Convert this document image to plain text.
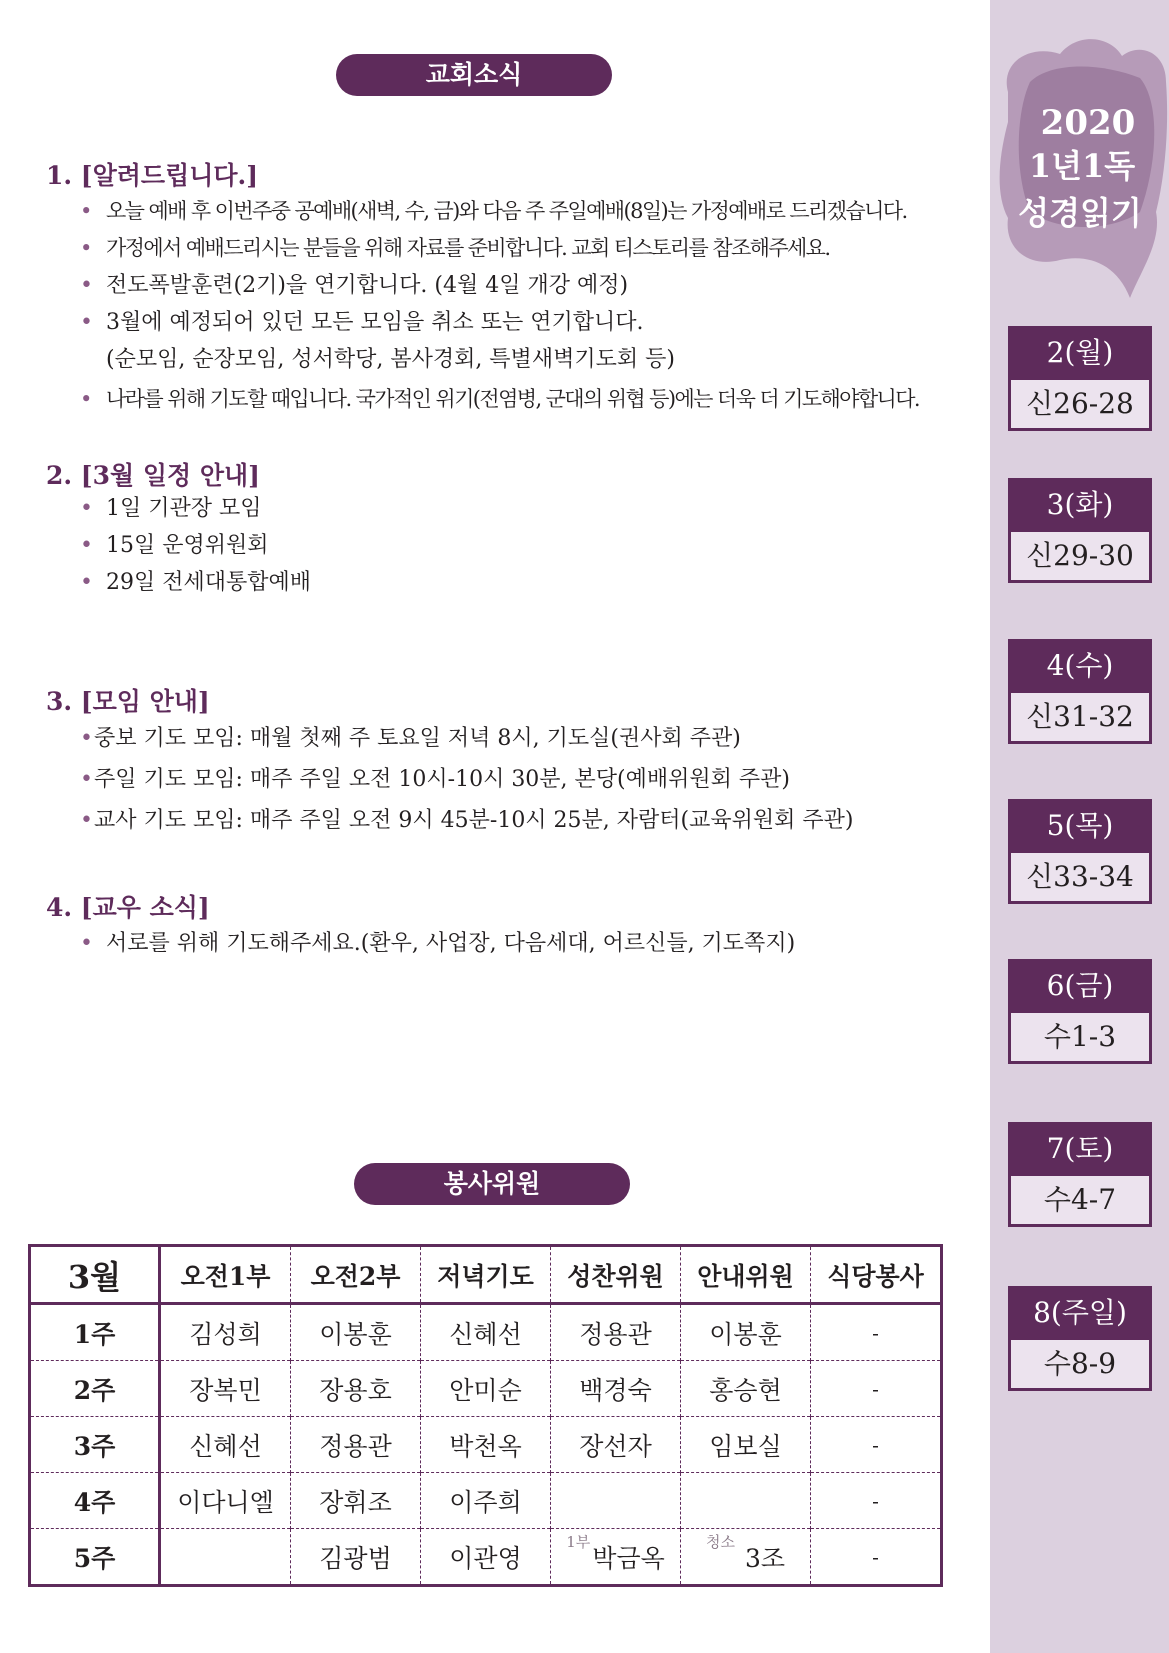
교회소식
1. [알려드립니다.]
• 오늘 예배 후 이번주중 공예배(새벽, 수, 금)와 다음 주 주일예배(8일)는 가정예배로 드리겠습니다.
• 가정에서 예배드리시는 분들을 위해 자료를 준비합니다. 교회 티스토리를 참조해주세요.
• 전도폭발훈련(2기)을 연기합니다. (4월 4일 개강 예정)
• 3월에 예정되어 있던 모든 모임을 취소 또는 연기합니다.
(순모임, 순장모임, 성서학당, 봄사경회, 특별새벽기도회 등)
• 나라를 위해 기도할 때입니다. 국가적인 위기(전염병, 군대의 위협 등)에는 더욱 더 기도해야합니다.
2. [3월 일정 안내]
• 1일 기관장 모임
• 15일 운영위원회
• 29일 전세대통합예배
3. [모임 안내]
• 중보 기도 모임: 매월 첫째 주 토요일 저녁 8시, 기도실(권사회 주관)
• 주일 기도 모임: 매주 주일 오전 10시-10시 30분, 본당(예배위원회 주관)
• 교사 기도 모임: 매주 주일 오전 9시 45분-10시 25분, 자람터(교육위원회 주관)
4. [교우 소식]
• 서로를 위해 기도해주세요.(환우, 사업장, 다음세대, 어르신들, 기도쪽지)
봉사위원
3월	오전1부	오전2부	저녁기도	성찬위원	안내위원	식당봉사
1주	김성희	이봉훈	신혜선	정용관	이봉훈	-
2주	장복민	장용호	안미순	백경숙	홍승현	-
3주	신혜선	정용관	박천옥	장선자	임보실	-
4주	이다니엘	장휘조	이주희			-
5주		김광범	이관영	$^{1부}$박금옥	$^{청소}$ 3조	-
2020
1년1독
성경읽기
2(월)
신26-28
3(화)
신29-30
4(수)
신31-32
5(목)
신33-34
6(금)
수1-3
7(토)
수4-7
8(주일)
수8-9
